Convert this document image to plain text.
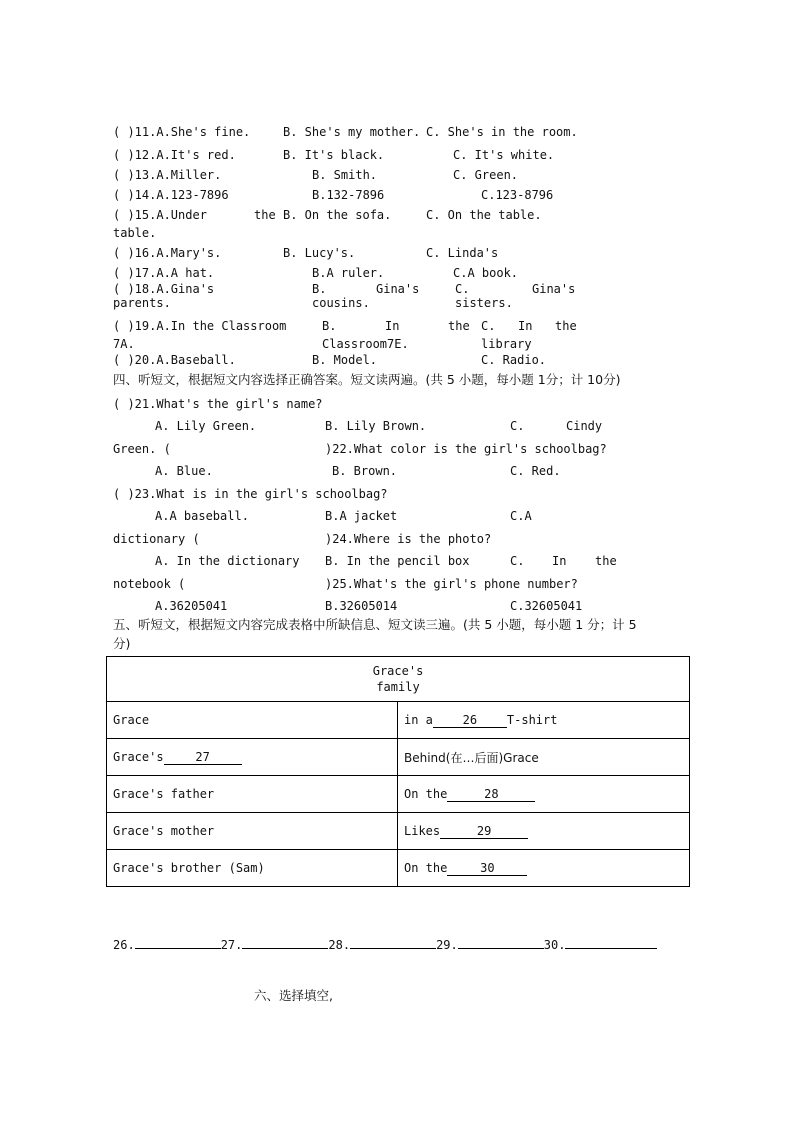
( )11.A.She's fine.	B. She's my mother. C. She's in the room.
( )12.A.It's red.	B. It's black.	C. It's white.
( )13.A.Miller.	B. Smith.	C. Green.
( )14.A.123-7896	B.132-7896	C.123-8796
( )15.A.Under	the B. On the sofa.	C. On the table.
table.
( )16.A.Mary's.	B. Lucy's.	C. Linda's
( )17.A.A hat.	B.A ruler.	C.A book.
( )18.A.Gina's	B.	Gina's	C.	Gina's
parents.	cousins.	sisters.
( )19.A.In the Classroom	B.	In	the C. In the
7A.	Classroom7E.	library
( )20.A.Baseball.	B. Model.	C. Radio.
四、听短文，根据短文内容选择正确答案。短文读两遍。(共 5 小题，每小题 1分；计 10分)
( )21.What's the girl's name?
A. Lily Green.	B. Lily Brown.	C.	Cindy
Green. (	)22.What color is the girl's schoolbag?
A. Blue.	B. Brown.	C. Red.
( )23.What is in the girl's schoolbag?
A.A baseball.	B.A jacket	C.A
dictionary (	)24.Where is the photo?
A. In the dictionary B. In the pencil box	C. In the
notebook (	)25.What's the girl's phone number?
A.36205041	B.32605014	C.32605041
五、听短文，根据短文内容完成表格中所缺信息、短文读三遍。(共 5 小题，每小题 1 分；计 5
分)
Grace's
family	

Grace	in a 26 T-shirt
Grace's 27	Behind(在…后面)Grace
Grace's father	On the 28
Grace's mother	Likes 29
Grace's brother (Sam)	On the 30
26.	27.	28.	29.	30.
六、选择填空,
